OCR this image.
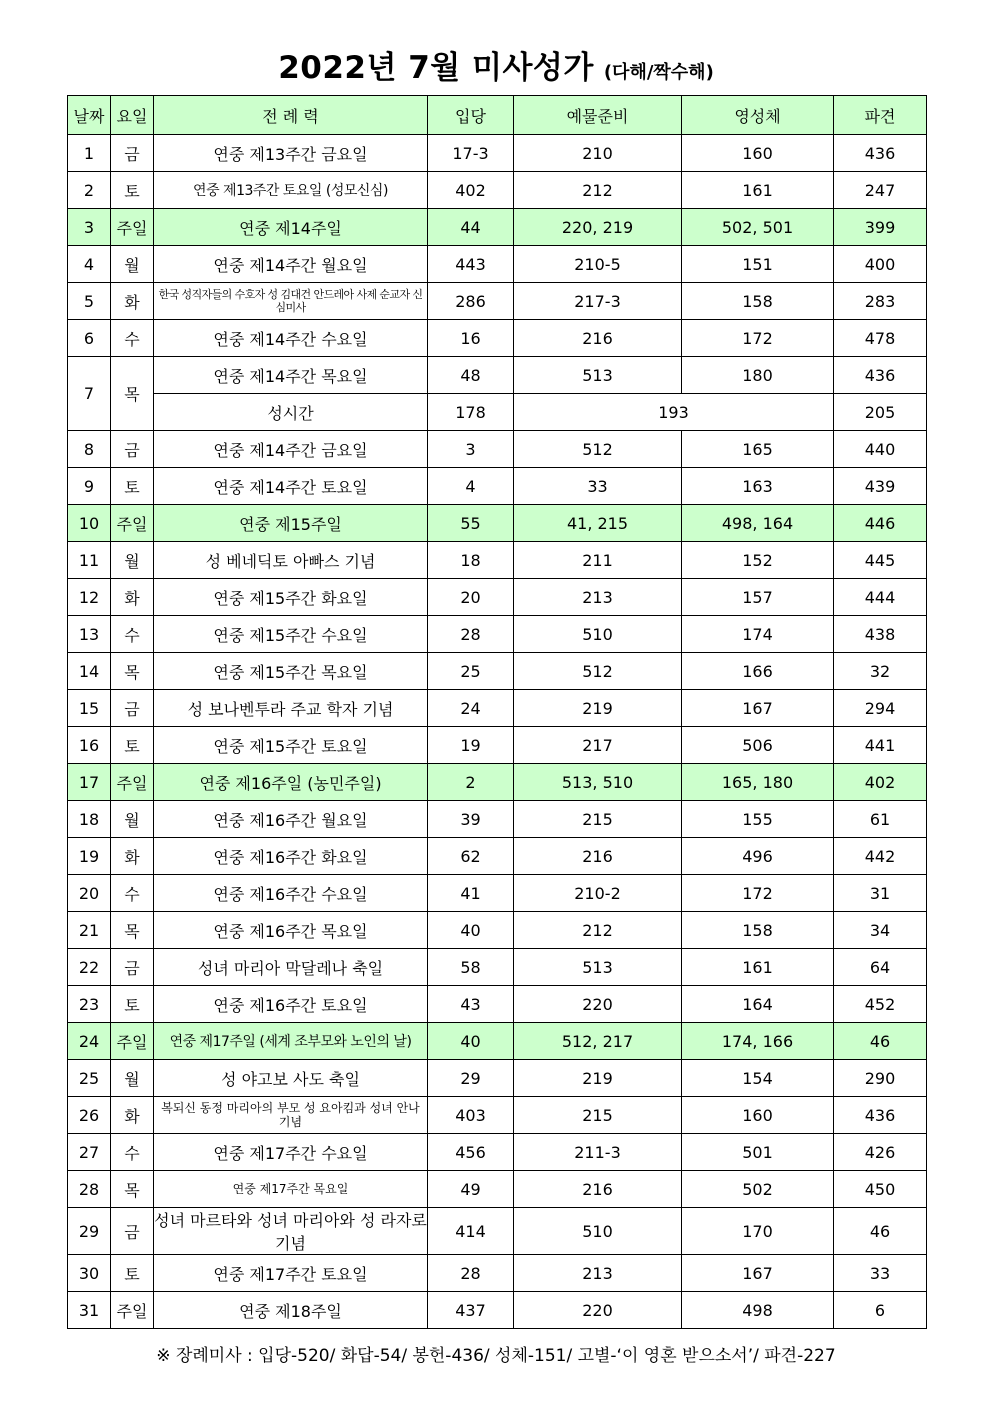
2022년 7월 미사성가 (다해/짝수해)
날짜	요일	전 례 력	입당	예물준비	영성체	파견
1	금	연중 제13주간 금요일	17-3	210	160	436
2	토	연중 제13주간 토요일 (성모신심)	402	212	161	247
3	주일	연중 제14주일	44	220, 219	502, 501	399
4	월	연중 제14주간 월요일	443	210-5	151	400
5	화	한국 성직자들의 수호자 성 김대건 안드레아 사제 순교자 신심미사	286	217-3	158	283
6	수	연중 제14주간 수요일	16	216	172	478
7	목	연중 제14주간 목요일	48	513	180	436
		성시간	178	193		205
8	금	연중 제14주간 금요일	3	512	165	440
9	토	연중 제14주간 토요일	4	33	163	439
10	주일	연중 제15주일	55	41, 215	498, 164	446
11	월	성 베네딕토 아빠스 기념	18	211	152	445
12	화	연중 제15주간 화요일	20	213	157	444
13	수	연중 제15주간 수요일	28	510	174	438
14	목	연중 제15주간 목요일	25	512	166	32
15	금	성 보나벤투라 주교 학자 기념	24	219	167	294
16	토	연중 제15주간 토요일	19	217	506	441
17	주일	연중 제16주일 (농민주일)	2	513, 510	165, 180	402
18	월	연중 제16주간 월요일	39	215	155	61
19	화	연중 제16주간 화요일	62	216	496	442
20	수	연중 제16주간 수요일	41	210-2	172	31
21	목	연중 제16주간 목요일	40	212	158	34
22	금	성녀 마리아 막달레나 축일	58	513	161	64
23	토	연중 제16주간 토요일	43	220	164	452
24	주일	연중 제17주일 (세계 조부모와 노인의 날)	40	512, 217	174, 166	46
25	월	성 야고보 사도 축일	29	219	154	290
26	화	복되신 동정 마리아의 부모 성 요아킴과 성녀 안나 기념	403	215	160	436
27	수	연중 제17주간 수요일	456	211-3	501	426
28	목	연중 제17주간 목요일	49	216	502	450
29	금	성녀 마르타와 성녀 마리아와 성 라자로 기념	414	510	170	46
30	토	연중 제17주간 토요일	28	213	167	33
31	주일	연중 제18주일	437	220	498	6
※ 장례미사 : 입당-520/ 화답-54/ 봉헌-436/ 성체-151/ 고별-‘이 영혼 받으소서’/ 파견-227
